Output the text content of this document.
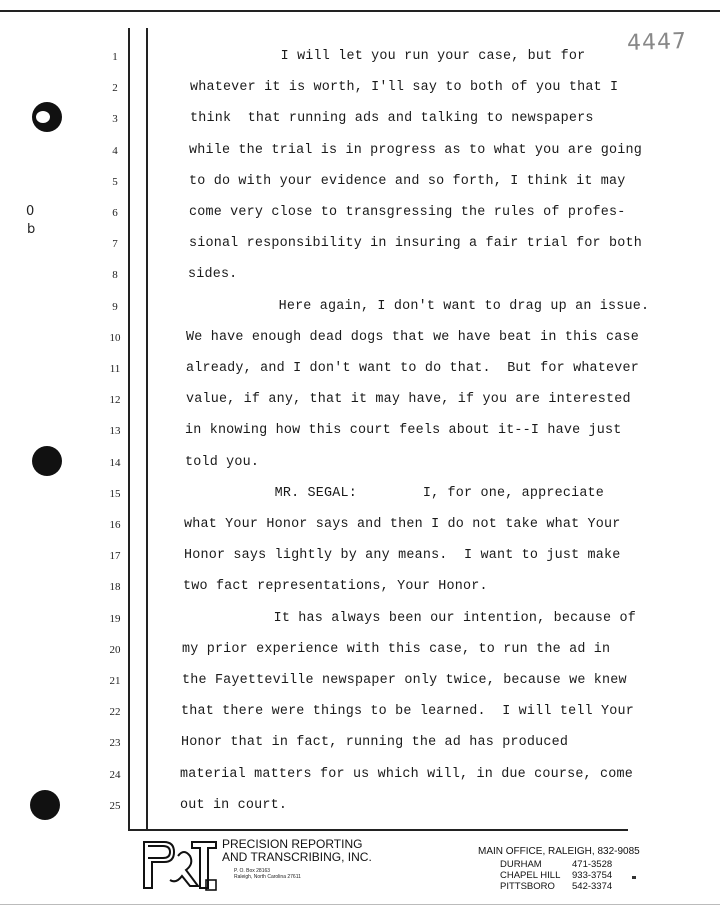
4447
0
b
1	I will let you run your case, but for
2	whatever it is worth, I'll say to both of you that I
3	think  that running ads and talking to newspapers
4	while the trial is in progress as to what you are going
5	to do with your evidence and so forth, I think it may
6	come very close to transgressing the rules of profes-
7	sional responsibility in insuring a fair trial for both
8	sides.
9	Here again, I don't want to drag up an issue.
10	We have enough dead dogs that we have beat in this case
11	already, and I don't want to do that.  But for whatever
12	value, if any, that it may have, if you are interested
13	in knowing how this court feels about it--I have just
14	told you.
15	MR. SEGAL:        I, for one, appreciate
16	what Your Honor says and then I do not take what Your
17	Honor says lightly by any means.  I want to just make
18	two fact representations, Your Honor.
19	It has always been our intention, because of
20	my prior experience with this case, to run the ad in
21	the Fayetteville newspaper only twice, because we knew
22	that there were things to be learned.  I will tell Your
23	Honor that in fact, running the ad has produced
24	material matters for us which will, in due course, come
25	out in court.
PRECISION REPORTING
AND TRANSCRIBING, INC.
P. O. Box 28163
Raleigh, North Carolina 27611
MAIN OFFICE, RALEIGH, 832-9085
DURHAM	471-3528
CHAPEL HILL 933-3754
PITTSBORO 542-3374
